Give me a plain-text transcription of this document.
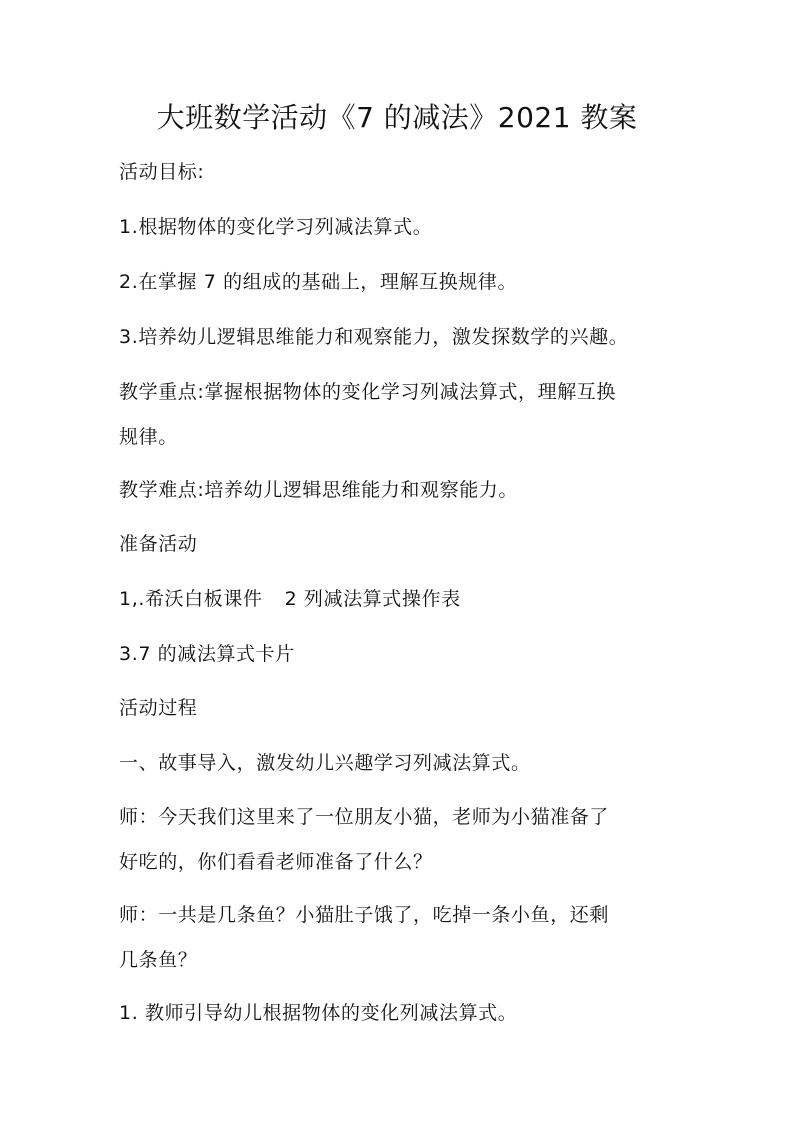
大班数学活动《7 的减法》2021 教案
活动目标:
1.根据物体的变化学习列减法算式。
2.在掌握 7 的组成的基础上，理解互换规律。
3.培养幼儿逻辑思维能力和观察能力，激发探数学的兴趣。
教学重点:掌握根据物体的变化学习列减法算式，理解互换
规律。
教学难点:培养幼儿逻辑思维能力和观察能力。
准备活动
1,.希沃白板课件 2 列减法算式操作表
3.7 的减法算式卡片
活动过程
一、故事导入，激发幼儿兴趣学习列减法算式。
师：今天我们这里来了一位朋友小猫，老师为小猫准备了
好吃的，你们看看老师准备了什么？
师：一共是几条鱼？小猫肚子饿了，吃掉一条小鱼，还剩
几条鱼？
1. 教师引导幼儿根据物体的变化列减法算式。
